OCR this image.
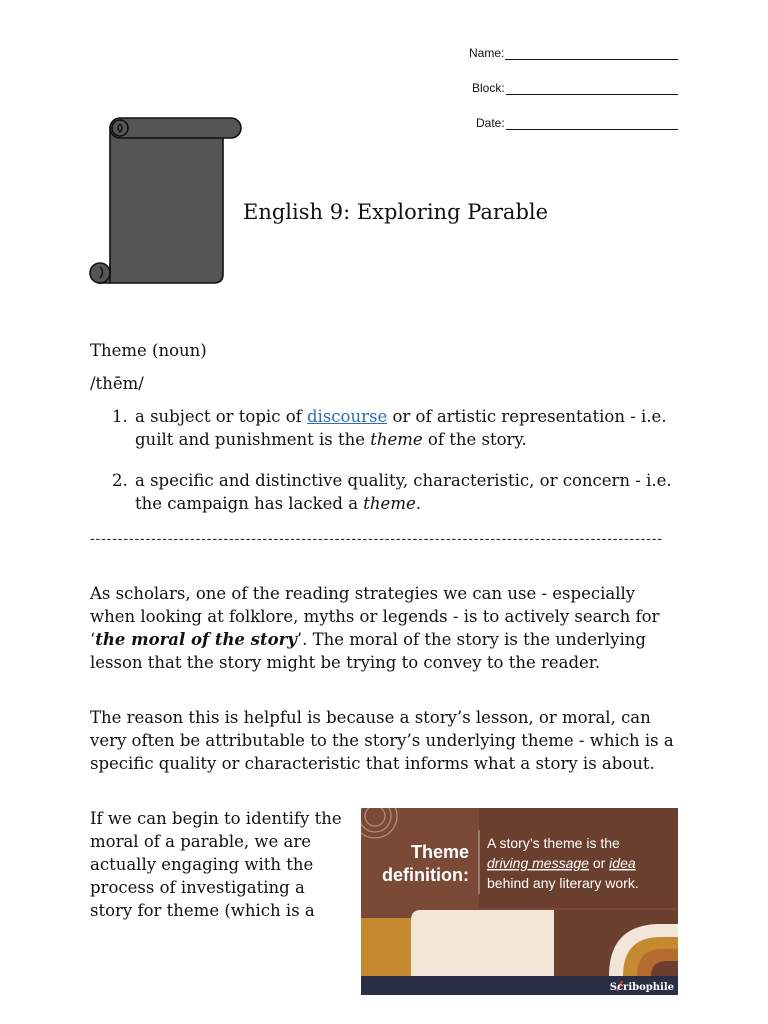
Name:
Block:
Date:
English 9: Exploring Parable

Theme (noun)

/thēm/

1. a subject or topic of discourse or of artistic representation - i.e. guilt and punishment is the theme of the story.
2. a specific and distinctive quality, characteristic, or concern - i.e. the campaign has lacked a theme.
-------------------------------------------------------------------------------------------------------

As scholars, one of the reading strategies we can use - especially when looking at folklore, myths or legends - is to actively search for ‘the moral of the story’. The moral of the story is the underlying lesson that the story might be trying to convey to the reader.

The reason this is helpful is because a story’s lesson, or moral, can very often be attributable to the story’s underlying theme - which is a specific quality or characteristic that informs what a story is about.

If we can begin to identify the moral of a parable, we are actually engaging with the process of investigating a story for theme (which is a

Theme
definition:
A story’s theme is the
driving message or idea
behind any literary work.
Scribophile
